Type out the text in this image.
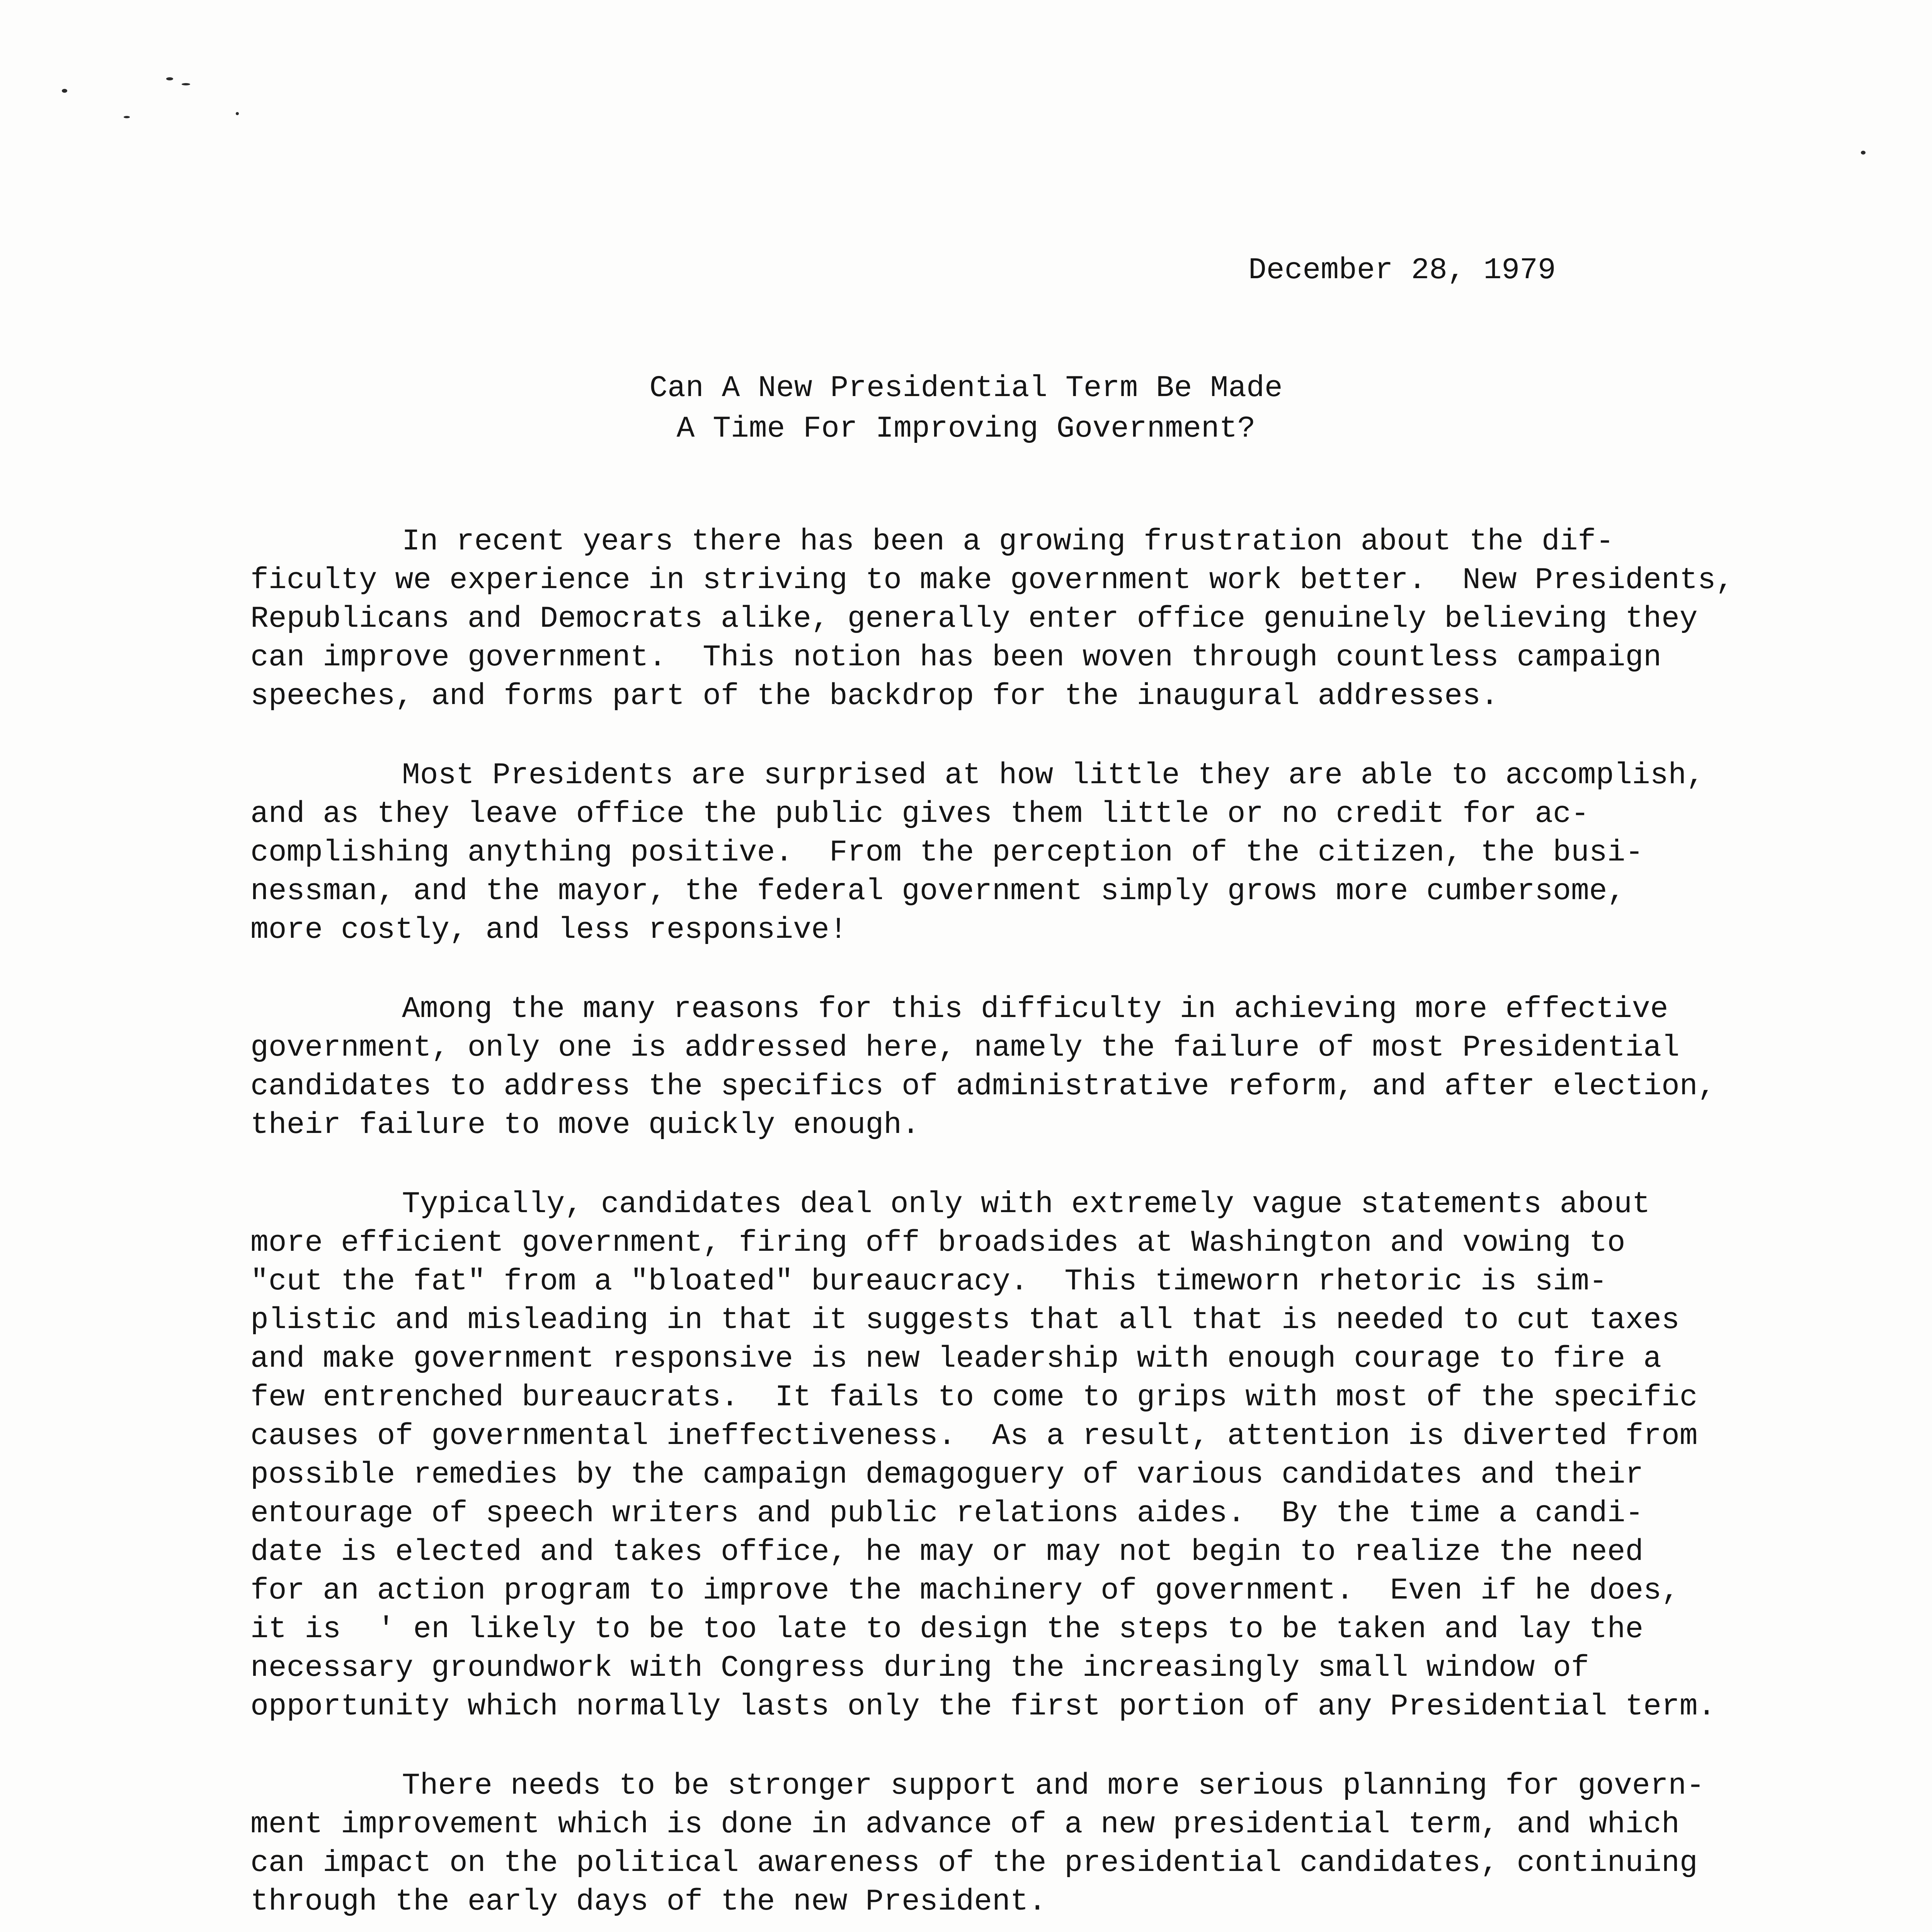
December 28, 1979
Can A New Presidential Term Be Made
A Time For Improving Government?
In recent years there has been a growing frustration about the dif-
ficulty we experience in striving to make government work better.  New Presidents,
Republicans and Democrats alike, generally enter office genuinely believing they
can improve government.  This notion has been woven through countless campaign
speeches, and forms part of the backdrop for the inaugural addresses.
Most Presidents are surprised at how little they are able to accomplish,
and as they leave office the public gives them little or no credit for ac-
complishing anything positive.  From the perception of the citizen, the busi-
nessman, and the mayor, the federal government simply grows more cumbersome,
more costly, and less responsive!
Among the many reasons for this difficulty in achieving more effective
government, only one is addressed here, namely the failure of most Presidential
candidates to address the specifics of administrative reform, and after election,
their failure to move quickly enough.
Typically, candidates deal only with extremely vague statements about
more efficient government, firing off broadsides at Washington and vowing to
"cut the fat" from a "bloated" bureaucracy.  This timeworn rhetoric is sim-
plistic and misleading in that it suggests that all that is needed to cut taxes
and make government responsive is new leadership with enough courage to fire a
few entrenched bureaucrats.  It fails to come to grips with most of the specific
causes of governmental ineffectiveness.  As a result, attention is diverted from
possible remedies by the campaign demagoguery of various candidates and their
entourage of speech writers and public relations aides.  By the time a candi-
date is elected and takes office, he may or may not begin to realize the need
for an action program to improve the machinery of government.  Even if he does,
it is  ' en likely to be too late to design the steps to be taken and lay the
necessary groundwork with Congress during the increasingly small window of
opportunity which normally lasts only the first portion of any Presidential term.
There needs to be stronger support and more serious planning for govern-
ment improvement which is done in advance of a new presidential term, and which
can impact on the political awareness of the presidential candidates, continuing
through the early days of the new President.
